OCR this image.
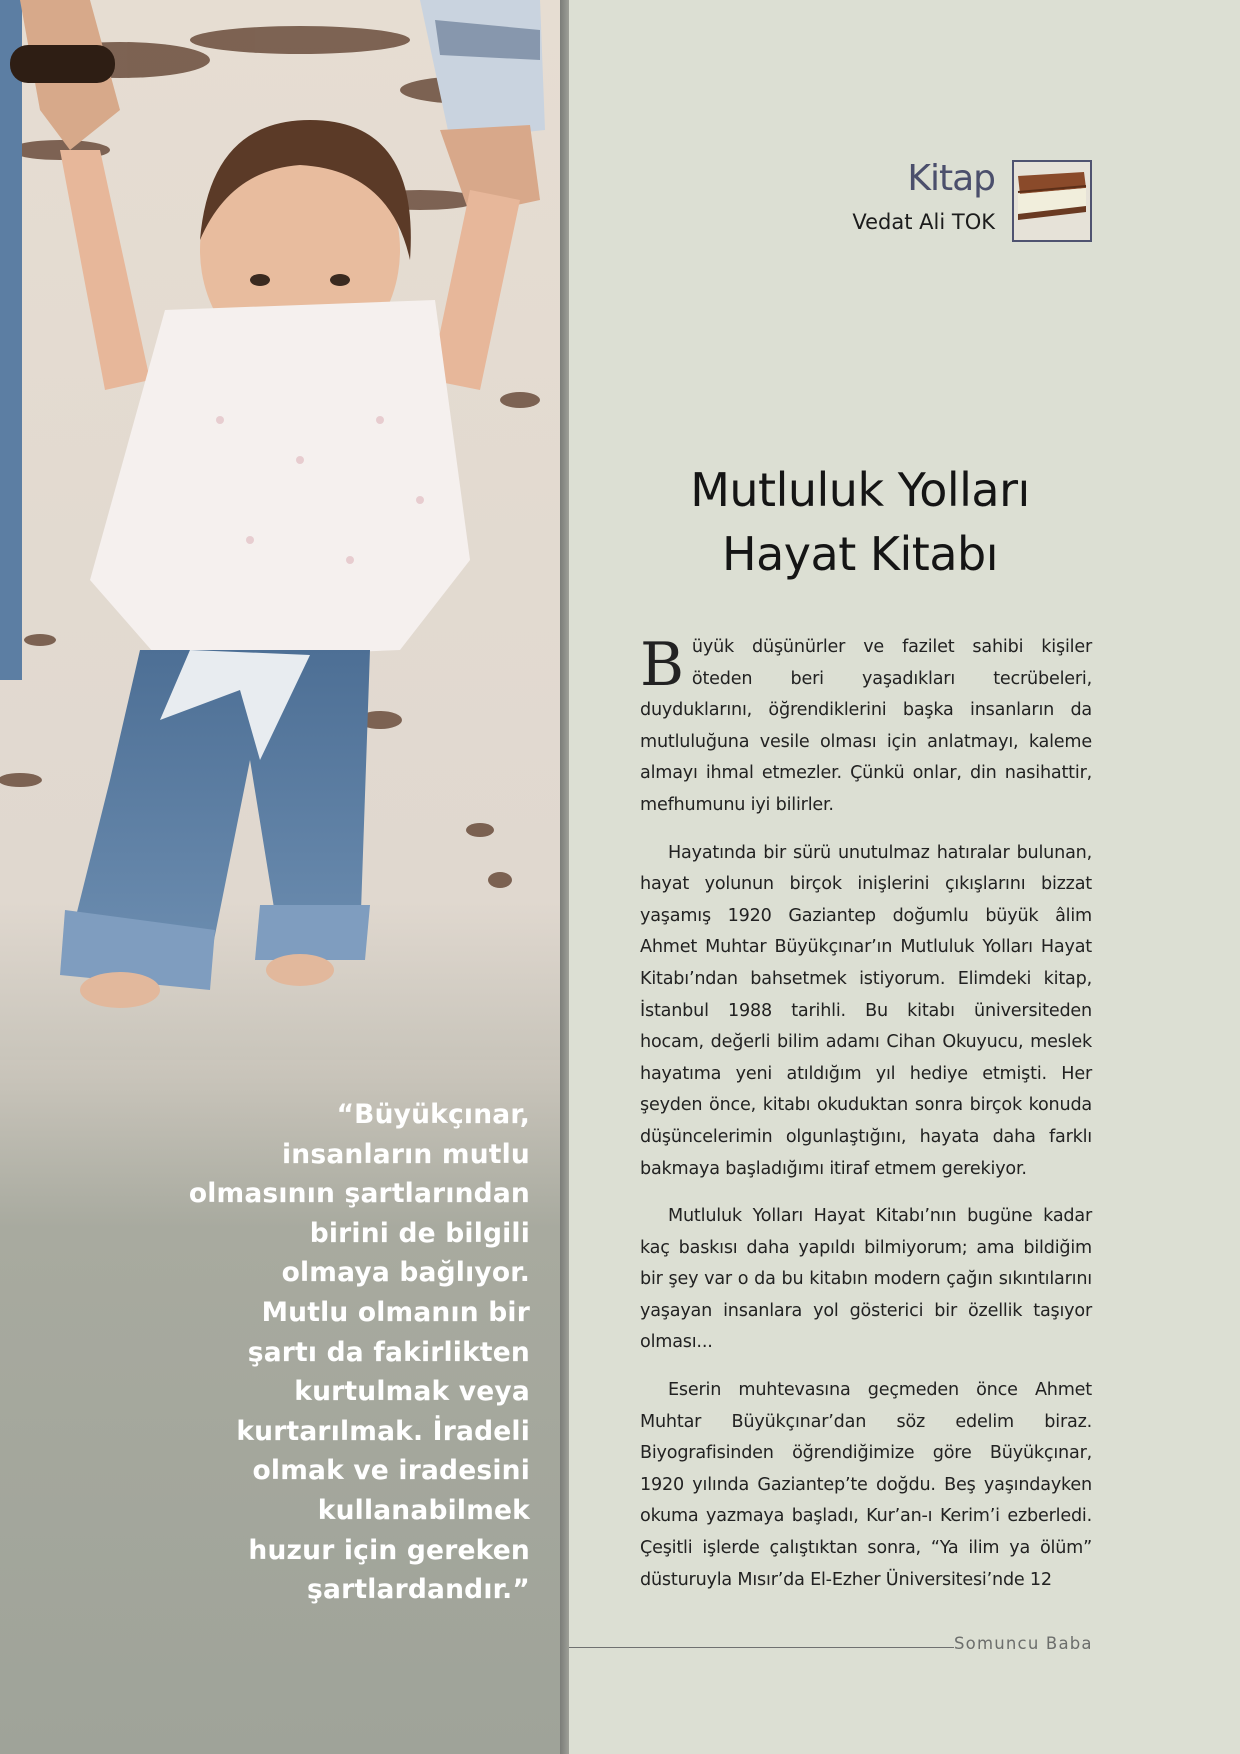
“Büyükçınar,
insanların mutlu
olmasının şartlarından
birini de bilgili
olmaya bağlıyor.
Mutlu olmanın bir
şartı da fakirlikten
kurtulmak veya
kurtarılmak. İradeli
olmak ve iradesini
kullanabilmek
huzur için gereken
şartlardandır.”
Kitap
Vedat Ali TOK
Mutluluk Yolları
Hayat Kitabı

Büyük düşünürler ve fazilet sahibi kişiler öteden beri yaşadıkları tecrübeleri, duyduklarını, öğrendiklerini başka insanların da mutluluğuna vesile olması için anlatmayı, kaleme almayı ihmal etmezler. Çünkü onlar, din nasihattir, mefhumunu iyi bilirler.

Hayatında bir sürü unutulmaz hatıralar bulunan, hayat yolunun birçok inişlerini çıkışlarını bizzat yaşamış 1920 Gaziantep doğumlu büyük âlim Ahmet Muhtar Büyükçınar’ın Mutluluk Yolları Hayat Kitabı’ndan bahsetmek istiyorum. Elimdeki kitap, İstanbul 1988 tarihli. Bu kitabı üniversiteden hocam, değerli bilim adamı Cihan Okuyucu, meslek hayatıma yeni atıldığım yıl hediye etmişti. Her şeyden önce, kitabı okuduktan sonra birçok konuda düşüncelerimin olgunlaştığını, hayata daha farklı bakmaya başladığımı itiraf etmem gerekiyor.

Mutluluk Yolları Hayat Kitabı’nın bugüne kadar kaç baskısı daha yapıldı bilmiyorum; ama bildiğim bir şey var o da bu kitabın modern çağın sıkıntılarını yaşayan insanlara yol gösterici bir özellik taşıyor olması...

Eserin muhtevasına geçmeden önce Ahmet Muhtar Büyükçınar’dan söz edelim biraz. Biyografisinden öğrendiğimize göre Büyükçınar, 1920 yılında Gaziantep’te doğdu. Beş yaşındayken okuma yazmaya başladı, Kur’an-ı Kerim’i ezberledi. Çeşitli işlerde çalıştıktan sonra, “Ya ilim ya ölüm” düsturuyla Mısır’da El-Ezher Üniversitesi’nde 12

Somuncu Baba
